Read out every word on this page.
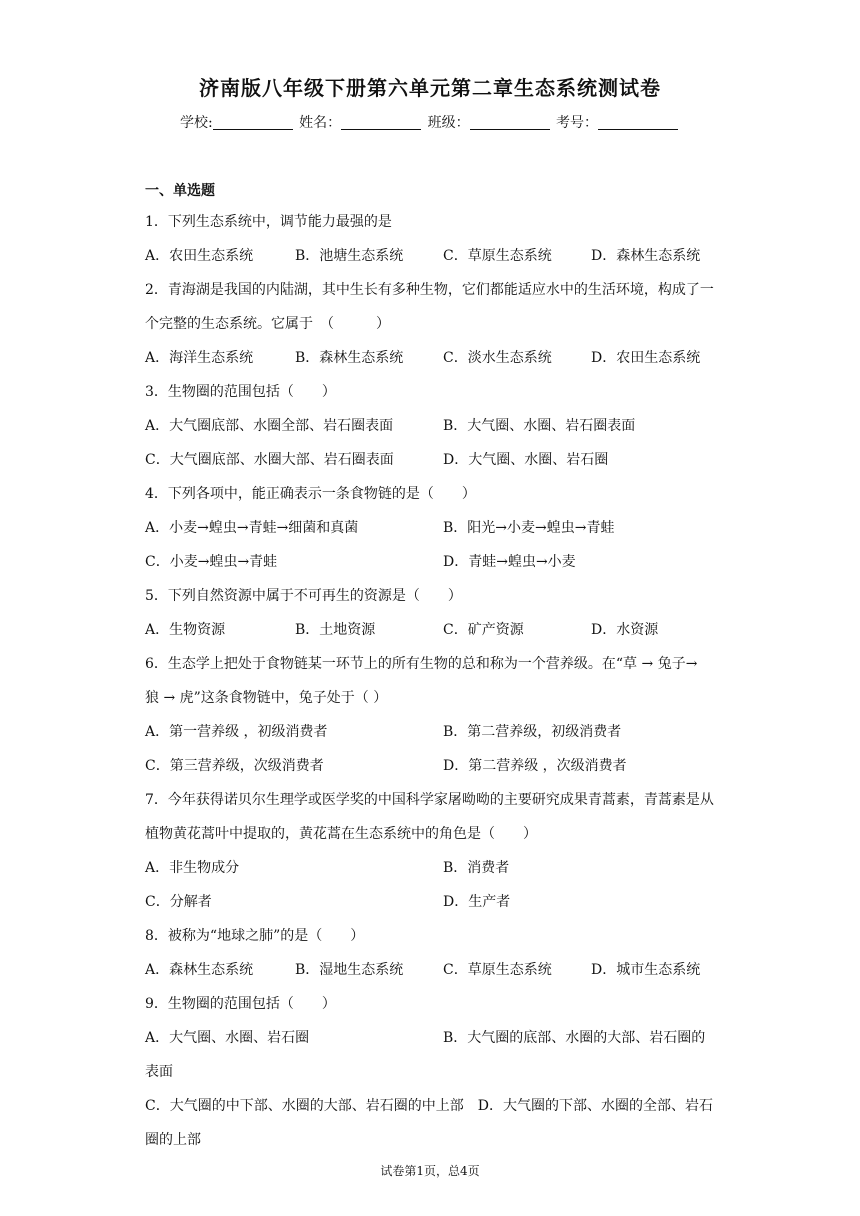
济南版八年级下册第六单元第二章生态系统测试卷
学校:	姓名：	班级：	考号：
一、单选题
1．下列生态系统中，调节能力最强的是
A．农田生态系统	B．池塘生态系统	C．草原生态系统	D．森林生态系统
2．青海湖是我国的内陆湖，其中生长有多种生物，它们都能适应水中的生活环境，构成了一个完整的生态系统。它属于　（　　　）
A．海洋生态系统	B．森林生态系统	C．淡水生态系统	D．农田生态系统
3．生物圈的范围包括（　　）
A．大气圈底部、水圈全部、岩石圈表面	B．大气圈、水圈、岩石圈表面
C．大气圈底部、水圈大部、岩石圈表面	D．大气圈、水圈、岩石圈
4．下列各项中，能正确表示一条食物链的是（　　）
A．小麦→蝗虫→青蛙→细菌和真菌	B．阳光→小麦→蝗虫→青蛙
C．小麦→蝗虫→青蛙	D．青蛙→蝗虫→小麦
5．下列自然资源中属于不可再生的资源是（　　）
A．生物资源	B．土地资源	C．矿产资源	D．水资源
6．生态学上把处于食物链某一环节上的所有生物的总和称为一个营养级。在“草 → 兔子→　狼 → 虎”这条食物链中，兔子处于（ ）
A．第一营养级 ，初级消费者	B．第二营养级，初级消费者
C．第三营养级，次级消费者	D．第二营养级 ，次级消费者
7．今年获得诺贝尔生理学或医学奖的中国科学家屠呦呦的主要研究成果青蒿素，青蒿素是从植物黄花蒿叶中提取的，黄花蒿在生态系统中的角色是（　　）
A．非生物成分	B．消费者
C．分解者	D．生产者
8．被称为“地球之肺”的是（　　）
A．森林生态系统	B．湿地生态系统	C．草原生态系统	D．城市生态系统
9．生物圈的范围包括（　　）
A．大气圈、水圈、岩石圈	B．大气圈的底部、水圈的大部、岩石圈的表面
C．大气圈的中下部、水圈的大部、岩石圈的中上部　 D．大气圈的下部、水圈的全部、岩石圈的上部
试卷第1页，总4页
